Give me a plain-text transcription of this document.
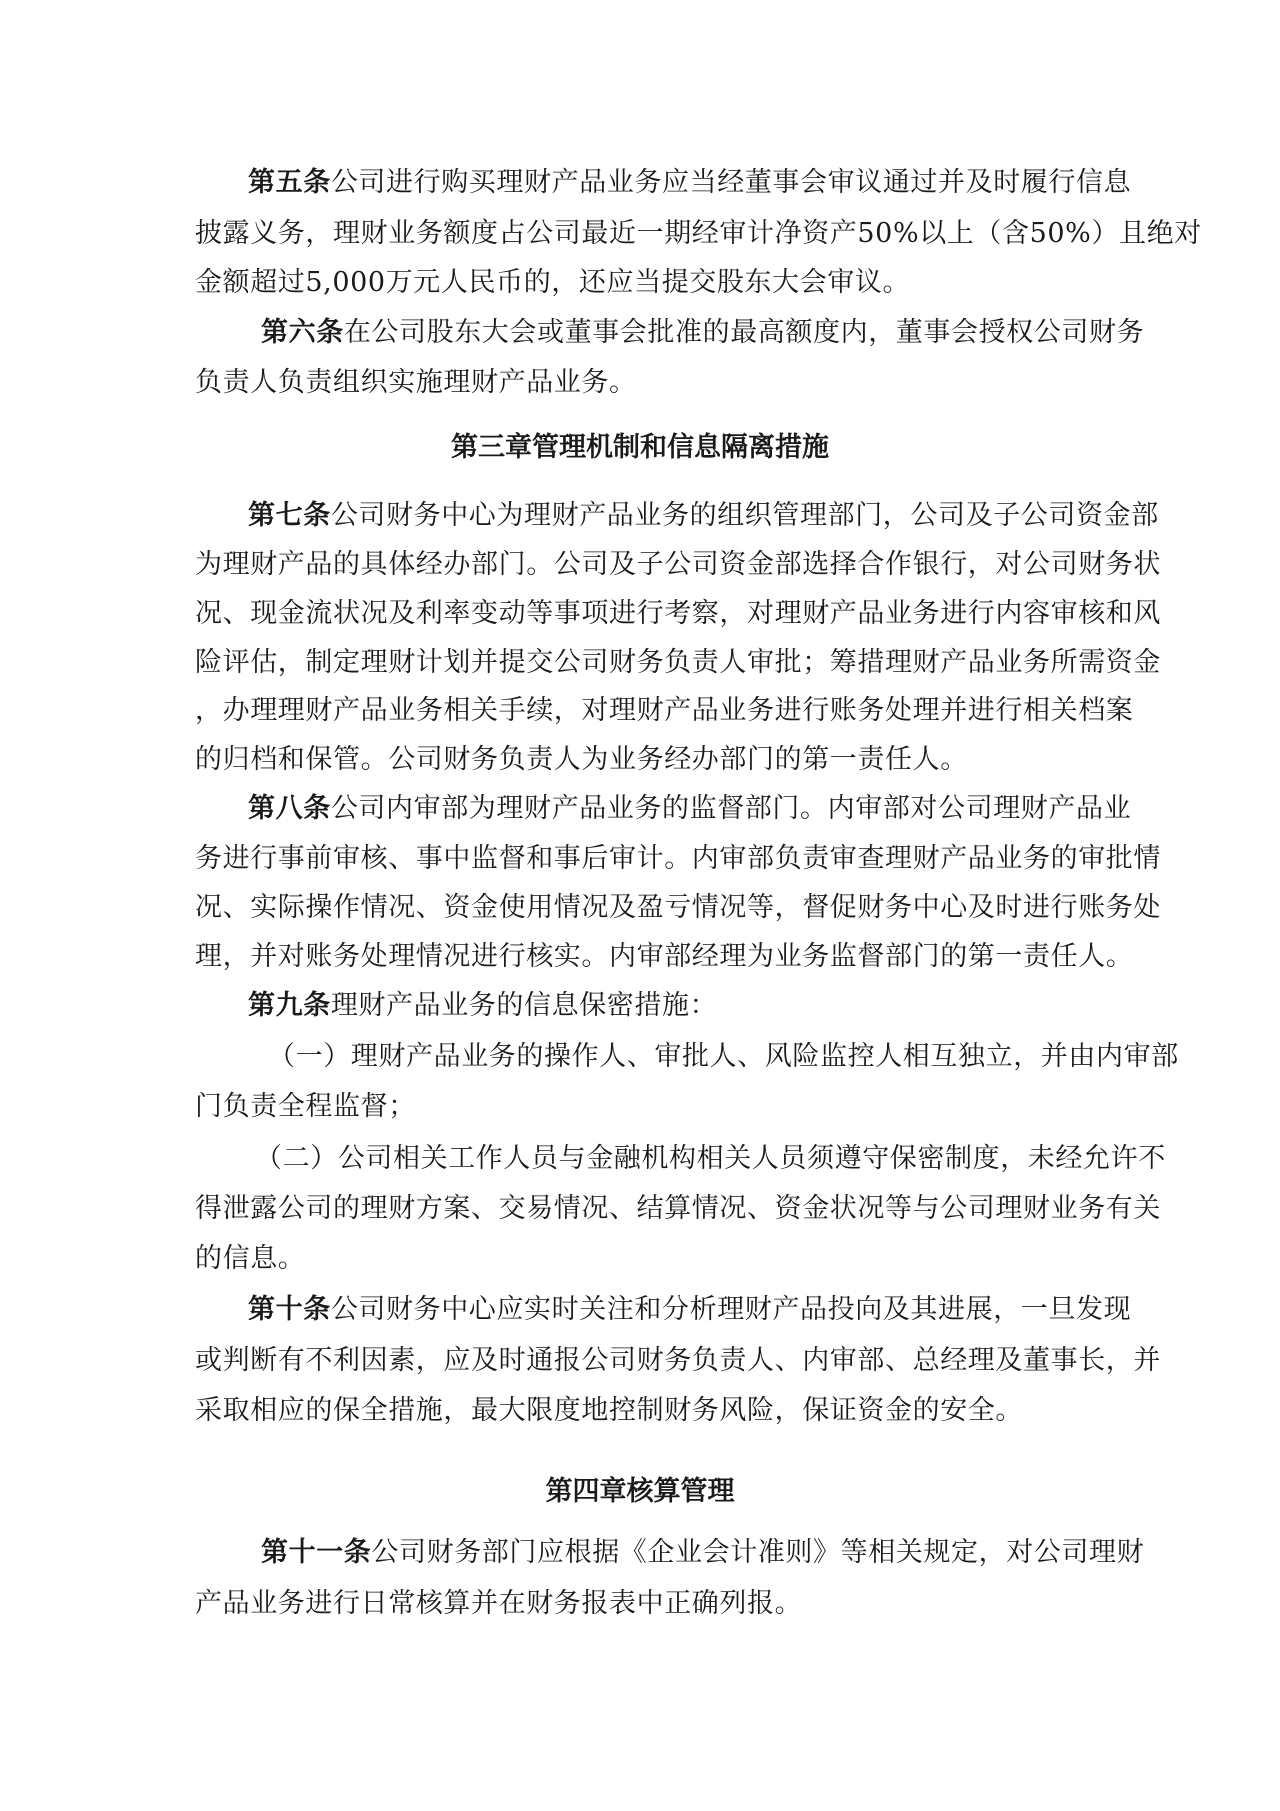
第五条公司进行购买理财产品业务应当经董事会审议通过并及时履行信息
披露义务，理财业务额度占公司最近一期经审计净资产50%以上（含50%）且绝对
金额超过5,000万元人民币的，还应当提交股东大会审议。
第六条在公司股东大会或董事会批准的最高额度内，董事会授权公司财务
负责人负责组织实施理财产品业务。
第三章管理机制和信息隔离措施
第七条公司财务中心为理财产品业务的组织管理部门，公司及子公司资金部
为理财产品的具体经办部门。公司及子公司资金部选择合作银行，对公司财务状
况、现金流状况及利率变动等事项进行考察，对理财产品业务进行内容审核和风
险评估，制定理财计划并提交公司财务负责人审批；筹措理财产品业务所需资金
，办理理财产品业务相关手续，对理财产品业务进行账务处理并进行相关档案
的归档和保管。公司财务负责人为业务经办部门的第一责任人。
第八条公司内审部为理财产品业务的监督部门。内审部对公司理财产品业
务进行事前审核、事中监督和事后审计。内审部负责审查理财产品业务的审批情
况、实际操作情况、资金使用情况及盈亏情况等，督促财务中心及时进行账务处
理，并对账务处理情况进行核实。内审部经理为业务监督部门的第一责任人。
第九条理财产品业务的信息保密措施：
（一）理财产品业务的操作人、审批人、风险监控人相互独立，并由内审部
门负责全程监督；
（二）公司相关工作人员与金融机构相关人员须遵守保密制度，未经允许不
得泄露公司的理财方案、交易情况、结算情况、资金状况等与公司理财业务有关
的信息。
第十条公司财务中心应实时关注和分析理财产品投向及其进展，一旦发现
或判断有不利因素，应及时通报公司财务负责人、内审部、总经理及董事长，并
采取相应的保全措施，最大限度地控制财务风险，保证资金的安全。
第四章核算管理
第十一条公司财务部门应根据《企业会计准则》等相关规定，对公司理财
产品业务进行日常核算并在财务报表中正确列报。
